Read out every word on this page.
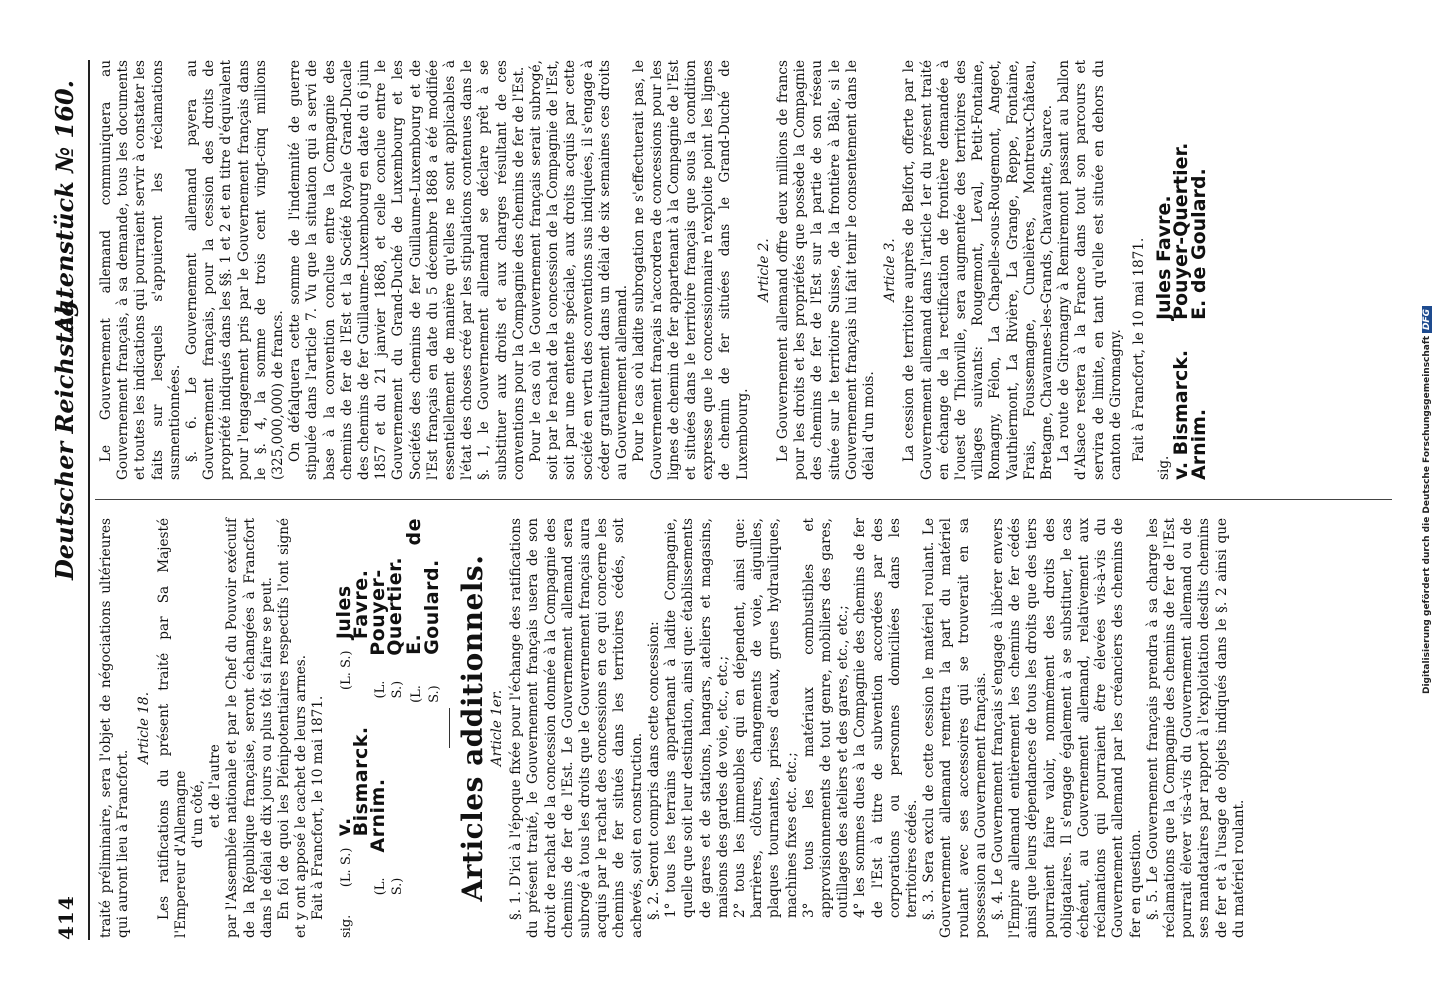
414
Deutscher Reichstag.
Aktenstück № 160.

traité préliminaire, sera l'objet de négociations ultérieures qui auront lieu à Francfort.

Article 18. Les ratifications du présent traité par Sa Majesté l'Empereur d'Allemagne d'un côté, et de l'autre par l'Assemblée nationale et par le Chef du Pouvoir exécutif de la République française, seront échangées à Francfort dans le délai de dix jours ou plus tôt si faire se peut. En foi de quoi les Plénipotentiaires respectifs l'ont signé et y ont apposé le cachet de leurs armes. Fait à Francfort, le 10 mai 1871.

sig.
(L. S.)
v. Bismarck.
(L. S.)
Jules Favre.
(L. S.)
Arnim.
(L. S.)
Pouyer-Quertier.
(L. S.)
E. de Goulard. Articles additionnels. Article 1er. §. 1. D'ici à l'époque fixée pour l'échange des ratifications du présent traité, le Gouvernement français usera de son droit de rachat de la concession donnée à la Compagnie des chemins de fer de l'Est. Le Gouvernement allemand sera subrogé à tous les droits que le Gouvernement français aura acquis par le rachat des concessions en ce qui concerne les chemins de fer situés dans les territoires cédés, soit achevés, soit en construction. §. 2. Seront compris dans cette concession: 1° tous les terrains appartenant à ladite Compagnie, quelle que soit leur destination, ainsi que: établissements de gares et de stations, hangars, ateliers et magasins, maisons des gardes de voie, etc., etc.; 2° tous les immeubles qui en dépendent, ainsi que: barrières, clôtures, changements de voie, aiguilles, plaques tournantes, prises d'eaux, grues hydrauliques, machines fixes etc. etc.; 3° tous les matériaux combustibles et approvisionnements de tout genre, mobiliers des gares, outillages des ateliers et des gares, etc., etc.; 4° les sommes dues à la Compagnie des chemins de fer de l'Est à titre de subvention accordées par des corporations ou personnes domiciliées dans les territoires cédés. §. 3. Sera exclu de cette cession le matériel roulant. Le Gouvernement allemand remettra la part du matériel roulant avec ses accessoires qui se trouverait en sa possession au Gouvernement français. §. 4. Le Gouvernement français s'engage à libérer envers l'Empire allemand entièrement les chemins de fer cédés ainsi que leurs dépendances de tous les droits que des tiers pourraient faire valoir, nommément des droits des obligataires. Il s'engage également à se substituer, le cas échéant, au Gouvernement allemand, relativement aux réclamations qui pourraient être élevées vis-à-vis du Gouvernement allemand par les créanciers des chemins de fer en question. §. 5. Le Gouvernement français prendra à sa charge les réclamations que la Compagnie des chemins de fer de l'Est pourrait élever vis-à-vis du Gouvernement allemand ou de ses mandataires par rapport à l'exploitation desdits chemins de fer et à l'usage de objets indiqués dans le §. 2 ainsi que du matériel roulant.

Le Gouvernement allemand communiquera au Gouvernement français, à sa demande, tous les documents et toutes les indications qui pourraient servir à constater les faits sur lesquels s'appuieront les réclamations susmentionnées. §. 6. Le Gouvernement allemand payera au Gouvernement français, pour la cession des droits de propriété indiqués dans les §§. 1 et 2 et en titre d'équivalent pour l'engagement pris par le Gouvernement français dans le §. 4, la somme de trois cent vingt-cinq millions (325,000,000) de francs. On défalquera cette somme de l'indemnité de guerre stipulée dans l'article 7. Vu que la situation qui a servi de base à la convention conclue entre la Compagnie des chemins de fer de l'Est et la Société Royale Grand-Ducale des chemins de fer Guillaume-Luxembourg en date du 6 juin 1857 et du 21 janvier 1868, et celle conclue entre le Gouvernement du Grand-Duché de Luxembourg et les Sociétés des chemins de fer Guillaume-Luxembourg et de l'Est français en date du 5 décembre 1868 a été modifiée essentiellement de manière qu'elles ne sont applicables à l'état des choses créé par les stipulations contenues dans le §. 1, le Gouvernement allemand se déclare prêt à se substituer aux droits et aux charges résultant de ces conventions pour la Compagnie des chemins de fer de l'Est. Pour le cas où le Gouvernement français serait subrogé, soit par le rachat de la concession de la Compagnie de l'Est, soit par une entente spéciale, aux droits acquis par cette société en vertu des conventions sus indiquées, il s'engage à céder gratuitement dans un délai de six semaines ces droits au Gouvernement allemand. Pour le cas où ladite subrogation ne s'effectuerait pas, le Gouvernement français n'accordera de concessions pour les lignes de chemin de fer appartenant à la Compagnie de l'Est et situées dans le territoire français que sous la condition expresse que le concessionnaire n'exploite point les lignes de chemin de fer situées dans le Grand-Duché de Luxembourg.

Article 2. Le Gouvernement allemand offre deux millions de francs pour les droits et les propriétés que possède la Compagnie des chemins de fer de l'Est sur la partie de son réseau située sur le territoire Suisse, de la frontière à Bâle, si le Gouvernement français lui fait tenir le consentement dans le délai d'un mois.

Article 3. La cession de territoire auprès de Belfort, offerte par le Gouvernement allemand dans l'article 1er du présent traité en échange de la rectification de frontière demandée à l'ouest de Thionville, sera augmentée des territoires des villages suivants: Rougemont, Leval, Petit-Fontaine, Romagny, Félon, La Chapelle-sous-Rougemont, Angeot, Vauthiermont, La Rivière, La Grange, Reppe, Fontaine, Frais, Foussemagne, Cunelières, Montreux-Château, Bretagne, Chavannes-les-Grands, Chavanatte, Suarce. La route de Giromagny à Remiremont passant au ballon d'Alsace restera à la France dans tout son parcours et servira de limite, en tant qu'elle est située en dehors du canton de Giromagny. Fait à Francfort, le 10 mai 1871.

sig.
v. Bismarck.
Arnim.
Jules Favre.
Pouyer-Quertier.
E. de Goulard.
Digitalisierung gefördert durch die Deutsche Forschungsgemeinschaft DFG
